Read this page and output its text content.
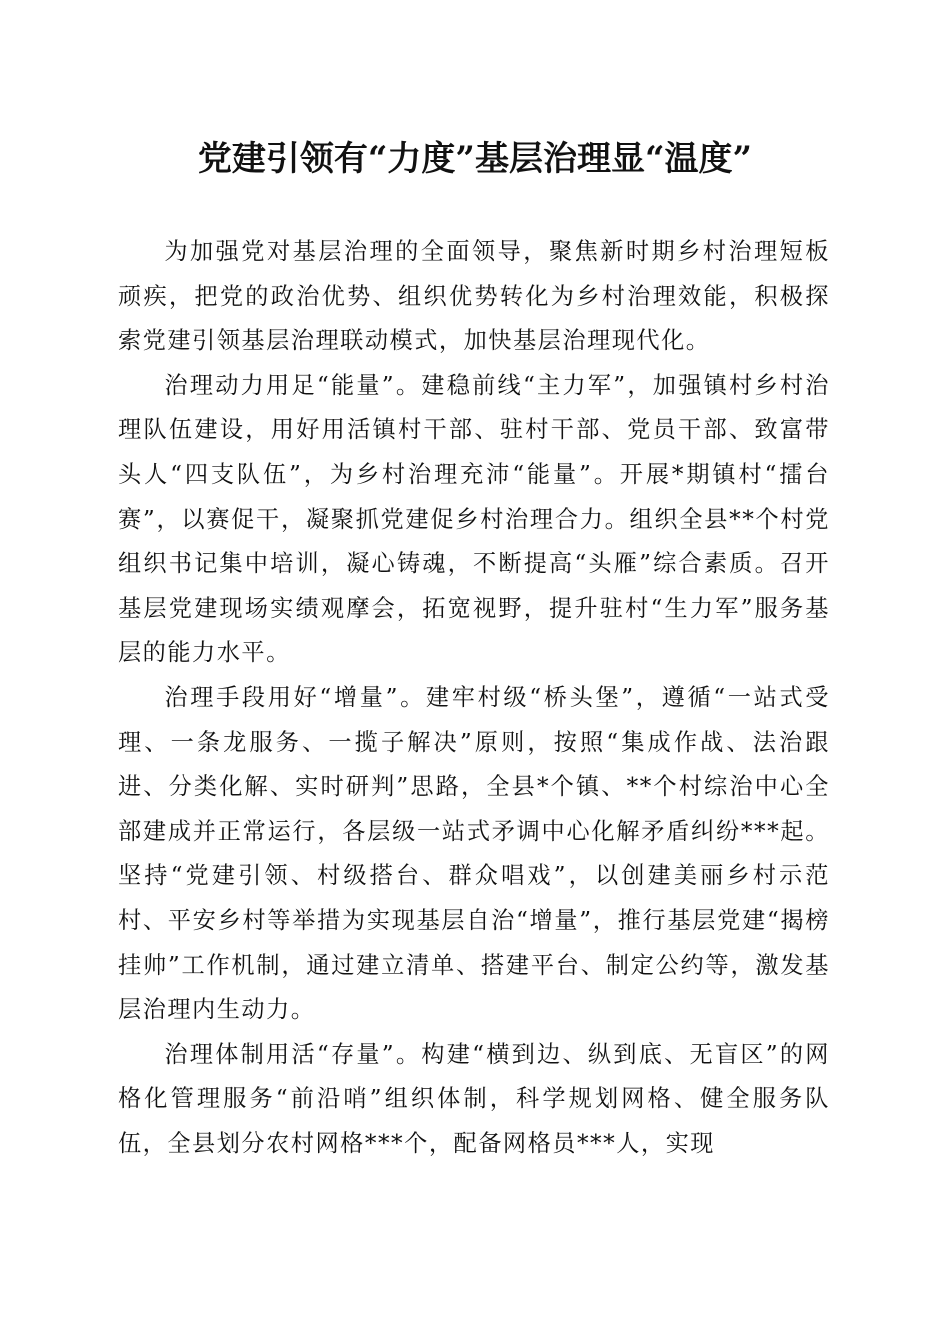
党建引领有“力度”基层治理显“温度”

为加强党对基层治理的全面领导，聚焦新时期乡村治理短板顽疾，把党的政治优势、组织优势转化为乡村治理效能，积极探索党建引领基层治理联动模式，加快基层治理现代化。

治理动力用足“能量”。建稳前线“主力军”，加强镇村乡村治理队伍建设，用好用活镇村干部、驻村干部、党员干部、致富带头人“四支队伍”，为乡村治理充沛“能量”。开展*期镇村“擂台赛”，以赛促干，凝聚抓党建促乡村治理合力。组织全县**个村党组织书记集中培训，凝心铸魂，不断提高“头雁”综合素质。召开基层党建现场实绩观摩会，拓宽视野，提升驻村“生力军”服务基层的能力水平。

治理手段用好“增量”。建牢村级“桥头堡”，遵循“一站式受理、一条龙服务、一揽子解决”原则，按照“集成作战、法治跟进、分类化解、实时研判”思路，全县*个镇、**个村综治中心全部建成并正常运行，各层级一站式矛调中心化解矛盾纠纷***起。坚持“党建引领、村级搭台、群众唱戏”，以创建美丽乡村示范村、平安乡村等举措为实现基层自治“增量”，推行基层党建“揭榜挂帅”工作机制，通过建立清单、搭建平台、制定公约等，激发基层治理内生动力。

治理体制用活“存量”。构建“横到边、纵到底、无盲区”的网格化管理服务“前沿哨”组织体制，科学规划网格、健全服务队伍，全县划分农村网格***个，配备网格员***人，实现
